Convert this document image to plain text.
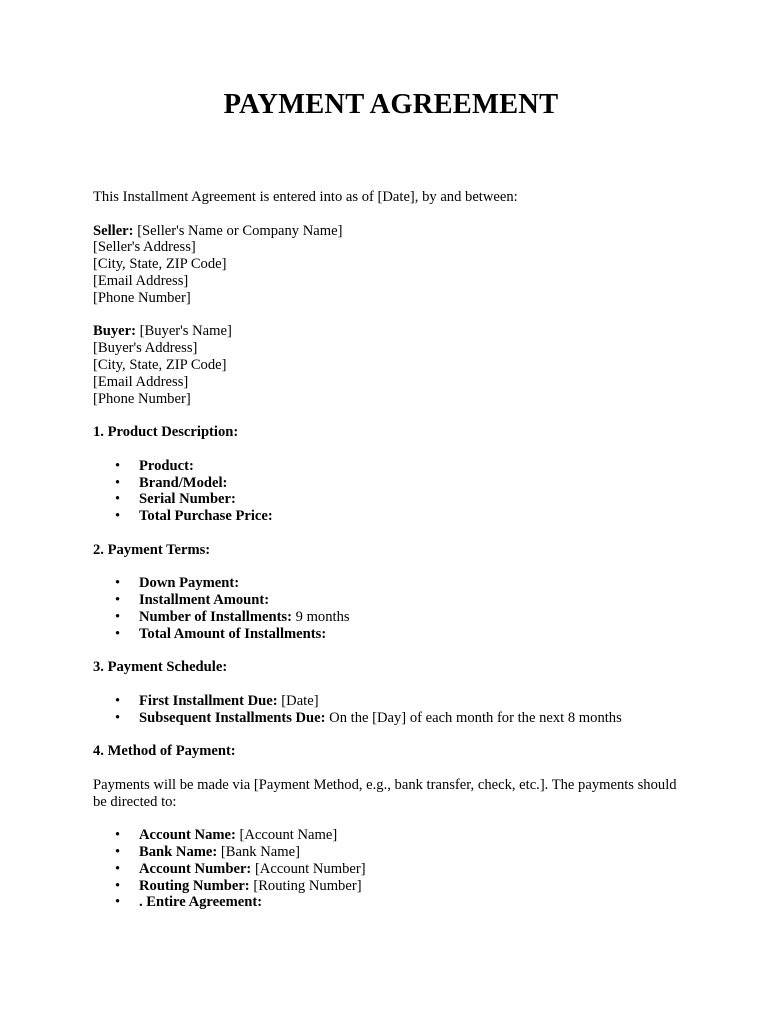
PAYMENT AGREEMENT

This Installment Agreement is entered into as of [Date], by and between:

Seller: [Seller's Name or Company Name]

[Seller's Address]

[City, State, ZIP Code]

[Email Address]

[Phone Number]

Buyer: [Buyer's Name]

[Buyer's Address]

[City, State, ZIP Code]

[Email Address]

[Phone Number]

1. Product Description:

• Product:
• Brand/Model:
• Serial Number:
• Total Purchase Price:

2. Payment Terms:

• Down Payment:
• Installment Amount:
• Number of Installments: 9 months
• Total Amount of Installments:

3. Payment Schedule:

• First Installment Due: [Date]
• Subsequent Installments Due: On the [Day] of each month for the next 8 months

4. Method of Payment:

Payments will be made via [Payment Method, e.g., bank transfer, check, etc.]. The payments should be directed to:

• Account Name: [Account Name]
• Bank Name: [Bank Name]
• Account Number: [Account Number]
• Routing Number: [Routing Number]
• . Entire Agreement:
